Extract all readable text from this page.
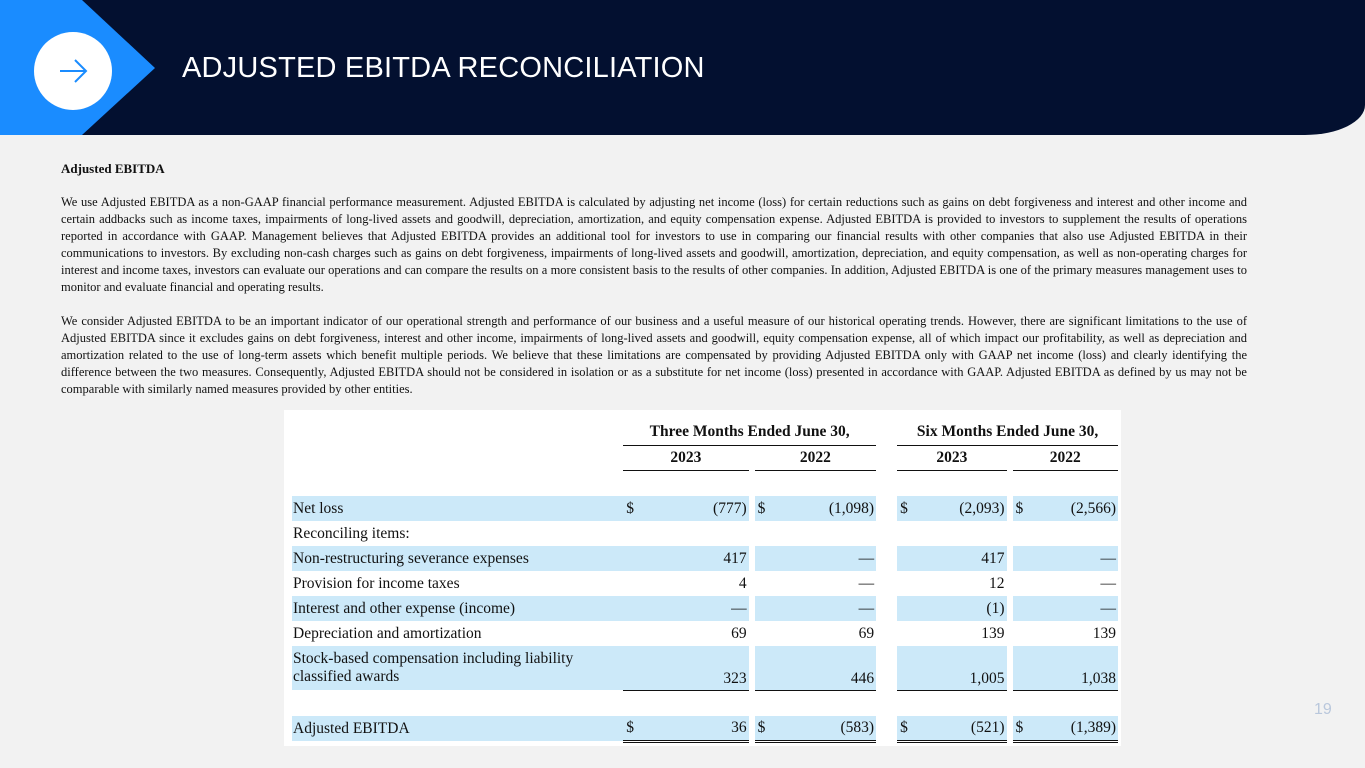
ADJUSTED EBITDA RECONCILIATION
Adjusted EBITDA

We use Adjusted EBITDA as a non-GAAP financial performance measurement. Adjusted EBITDA is calculated by adjusting net income (loss) for certain reductions such as gains on debt forgiveness and interest and other income and certain addbacks such as income taxes, impairments of long-lived assets and goodwill, depreciation, amortization, and equity compensation expense. Adjusted EBITDA is provided to investors to supplement the results of operations reported in accordance with GAAP. Management believes that Adjusted EBITDA provides an additional tool for investors to use in comparing our financial results with other companies that also use Adjusted EBITDA in their communications to investors. By excluding non-cash charges such as gains on debt forgiveness, impairments of long-lived assets and goodwill, amortization, depreciation, and equity compensation, as well as non-operating charges for interest and income taxes, investors can evaluate our operations and can compare the results on a more consistent basis to the results of other companies. In addition, Adjusted EBITDA is one of the primary measures management uses to monitor and evaluate financial and operating results.

We consider Adjusted EBITDA to be an important indicator of our operational strength and performance of our business and a useful measure of our historical operating trends. However, there are significant limitations to the use of Adjusted EBITDA since it excludes gains on debt forgiveness, interest and other income, impairments of long-lived assets and goodwill, equity compensation expense, all of which impact our profitability, as well as depreciation and amortization related to the use of long-term assets which benefit multiple periods. We believe that these limitations are compensated by providing Adjusted EBITDA only with GAAP net income (loss) and clearly identifying the difference between the two measures. Consequently, Adjusted EBITDA should not be considered in isolation or as a substitute for net income (loss) presented in accordance with GAAP. Adjusted EBITDA as defined by us may not be comparable with similarly named measures provided by other entities.

	Three Months Ended June 30,						Six Months Ended June 30,				
	2023			2022			2023			2022	

Net loss	$	(777)		$	(1,098)		$	(2,093)		$	(2,566)
Reconciling items:											
Non-restructuring severance expenses		417			—			417			—
Provision for income taxes		4			—			12			—
Interest and other expense (income)		—			—			(1)			—
Depreciation and amortization		69			69			139			139

Stock-based compensation including liability
classified awards		323			446			1,005			1,038

Adjusted EBITDA	$	36		$	(583)		$	(521)		$	(1,389)
19
